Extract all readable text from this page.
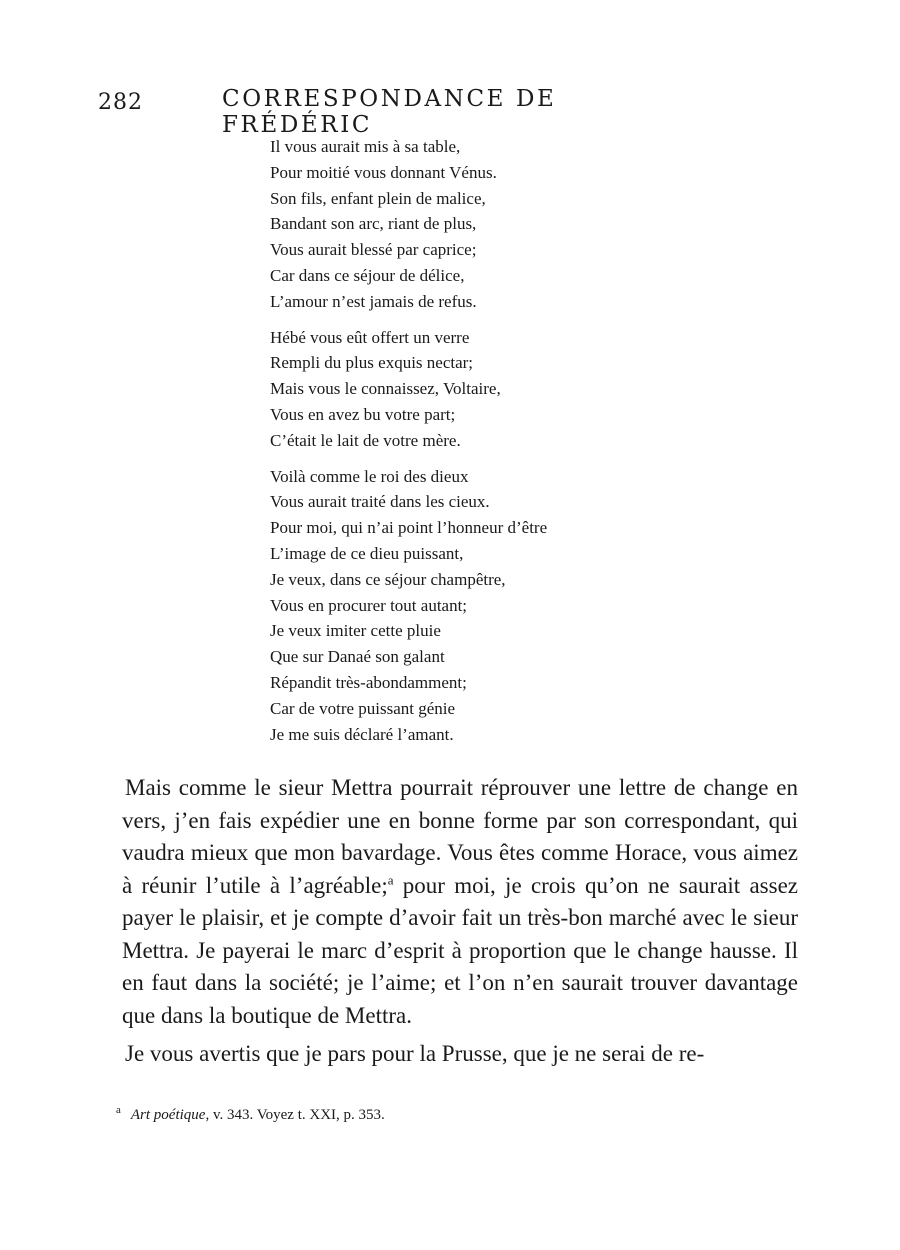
282	CORRESPONDANCE DE FRÉDÉRIC
Il vous aurait mis à sa table,
Pour moitié vous donnant Vénus.
Son fils, enfant plein de malice,
Bandant son arc, riant de plus,
Vous aurait blessé par caprice;
Car dans ce séjour de délice,
L’amour n’est jamais de refus.
Hébé vous eût offert un verre
Rempli du plus exquis nectar;
Mais vous le connaissez, Voltaire,
Vous en avez bu votre part;
C’était le lait de votre mère.
Voilà comme le roi des dieux
Vous aurait traité dans les cieux.
Pour moi, qui n’ai point l’honneur d’être
L’image de ce dieu puissant,
Je veux, dans ce séjour champêtre,
Vous en procurer tout autant;
Je veux imiter cette pluie
Que sur Danaé son galant
Répandit très-abondamment;
Car de votre puissant génie
Je me suis déclaré l’amant.

Mais comme le sieur Mettra pourrait réprouver une lettre de change en vers, j’en fais expédier une en bonne forme par son correspondant, qui vaudra mieux que mon bavardage. Vous êtes comme Horace, vous aimez à réunir l’utile à l’agréable;$^a$ pour moi, je crois qu’on ne saurait assez payer le plaisir, et je compte d’avoir fait un très-bon marché avec le sieur Mettra. Je payerai le marc d’esprit à proportion que le change hausse. Il en faut dans la société; je l’aime; et l’on n’en saurait trouver davantage que dans la boutique de Mettra.

Je vous avertis que je pars pour la Prusse, que je ne serai de re-

$^a$ Art poétique, v. 343. Voyez t. XXI, p. 353.
